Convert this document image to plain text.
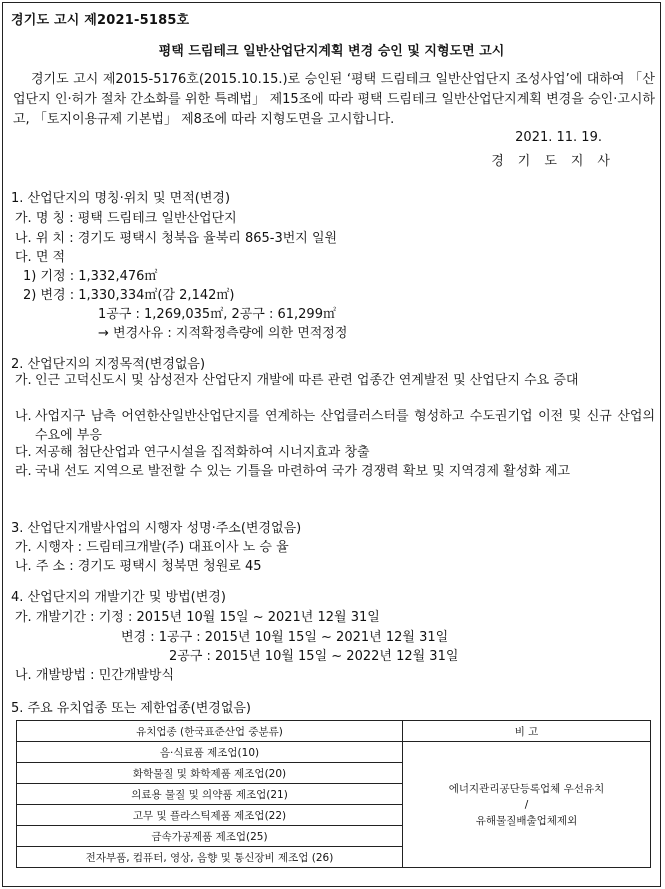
경기도 고시 제2021-5185호
평택 드림테크 일반산업단지계획 변경 승인 및 지형도면 고시

경기도 고시 제2015-5176호(2015.10.15.)로 승인된 ‘평택 드림테크 일반산업단지 조성사업’에 대하여 「산업단지 인·허가 절차 간소화를 위한 특례법」 제15조에 따라 평택 드림테크 일반산업단지계획 변경을 승인·고시하고, 「토지이용규제 기본법」 제8조에 따라 지형도면을 고시합니다.

2021. 11. 19.
경기도지사
1. 산업단지의 명칭·위치 및 면적(변경)
가. 명 칭 : 평택 드림테크 일반산업단지
나. 위 치 : 경기도 평택시 청북읍 율북리 865-3번지 일원
다. 면 적
1) 기정 : 1,332,476㎡
2) 변경 : 1,330,334㎡(감 2,142㎡)
1공구 : 1,269,035㎡, 2공구 : 61,299㎡
→ 변경사유 : 지적확정측량에 의한 면적정정
2. 산업단지의 지정목적(변경없음)
가. 인근 고덕신도시 및 삼성전자 산업단지 개발에 따른 관련 업종간 연계발전 및 산업단지 수요 증대
나. 사업지구 남측 어연한산일반산업단지를 연계하는 산업클러스터를 형성하고 수도권기업 이전 및 신규 산업의 수요에 부응
다. 저공해 첨단산업과 연구시설을 집적화하여 시너지효과 창출
라. 국내 선도 지역으로 발전할 수 있는 기틀을 마련하여 국가 경쟁력 확보 및 지역경제 활성화 제고
3. 산업단지개발사업의 시행자 성명·주소(변경없음)
가. 시행자 : 드림테크개발(주) 대표이사 노 승 율
나. 주 소 : 경기도 평택시 청북면 청원로 45
4. 산업단지의 개발기간 및 방법(변경)
가. 개발기간 : 기정 : 2015년 10월 15일 ~ 2021년 12월 31일
변경 : 1공구 : 2015년 10월 15일 ~ 2021년 12월 31일
2공구 : 2015년 10월 15일 ~ 2022년 12월 31일
나. 개발방법 : 민간개발방식
5. 주요 유치업종 또는 제한업종(변경없음)
유치업종 (한국표준산업 중분류)	비 고
음·식료품 제조업(10)	에너지관리공단등록업체 우선유치
/
유해물질배출업체제외

화학물질 및 화학제품 제조업(20)	
의료용 물질 및 의약품 제조업(21)	
고무 및 플라스틱제품 제조업(22)	
금속가공제품 제조업(25)	
전자부품, 컴퓨터, 영상, 음향 및 통신장비 제조업 (26)	
